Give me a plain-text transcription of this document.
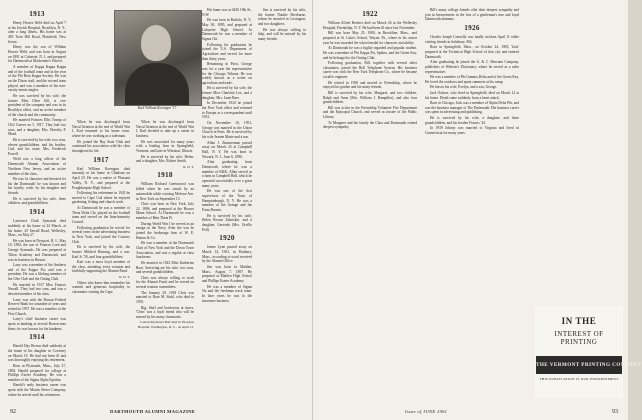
1913

Henry Howes Weld died on April 7 at his Jewish Hospital, Brooklyn, N. Y., after a long illness. His home was at 483 Twin Hill Road, Plainfield, New Jersey.

Henry was the son of William Howes Weld, and was born in August on 1891 at Cohasset, N. J. and prepared for Dartmouth at Mackenzie's School.

A member of Kappa Kappa Kappa and of the football team and in the year of the Phi Beta Kappa Society. He was on the Dixon staff, and the second team played, and was a member of the non-varsity tennis singles.

He was survived by his wife, the former Miss Olive Gill, is vice president of the company and was in its Brooklyn office, and an active member of the church and the community.

He married Frances Ellis Trump of Cliff Graves on 5, 1917. They had two sons, and a daughter, Mrs. Dorothy P. Mead.

He is survived by his wife, two sons, eleven grandchildren, and his brother, Carl, and his sister, Mrs. Frederick Powell.

Weld was a long officer of the Dartmouth Alumni Association of Northern New Jersey, and an active member of the class.

He was 'in character and devoted for his the Dartmouth' he was known and his loyalty, wide, by his daughter and friends.

He is survived by his wife, three children, and grandchildren.

1914

Lawrence Clark Symonds died suddenly at his home at 24 March, at his home, 45 Sewall Road, Wellesley, Mass., on May 27.

He was born in Newport, R. I., May 10, 1892, the son of Frances Lord and George Symonds. He was prepared at Tilton Academy and Dartmouth, and was in business in Boston.

Larry was a member of the Amherst and of the Kappa Psi, and was a president. He was a lifelong member of the Glee Club and the Outing Club.

He married in 1917 Miss Frances Newall. They had two sons, and was a devoted member of his class.

Larry was with the Boston Federal Reserve Bank for a number of years and retired in 1957. He was a member of the First Church.

Larry's chief business career was spent in banking at several Boston-area firms; he was known for his kindness.

1914

Harold Day Brown died suddenly at the home of his daughter in Coventry on March 19. He had not been ill and was thoroughly enjoying his retirement.

Born in Plymouth, Mass., July 27, 1892, Harold prepared for college at Phillips Exeter Academy. He was a member of the Sigma Alpha Epsilon.

Harold's early business career was spent with the Martin Stever Company, where he served until his retirement.

When he was discharged from Naval Aviation at the end of World War I, Karl returned to his home town, where he was working as a salesman.

He joined the Bay State Club and continued his association with his class throughout his life.

1917

Karl William Koenigen died instantly at his home in Chatham on April 23. He was a native of Pleasant Valley, N. Y., and prepared at the Poughkeepsie High School.

Following his retirement in 1945 he moved to Cape Cod where he enjoyed gardening, fishing and church work.

At Dartmouth he was a member of Theta Delta Chi, played on the football team and served on the Interfraternity Council.

Following graduation he served for several years in the advertising business in New York, and joined the Country Club.

He is survived by his wife, the former Mildred Hartung, and a son, Karl Jr. '50, and four grandchildren.

Karl was a most loyal member of the class, attending every reunion and faithfully supporting the Alumni Fund.

R. D. T.

Others who knew him remember his warmth and generous hospitality to classmates visiting the Cape.

When he was discharged from Naval Aviation at the end of World War I, Karl decided to take up a career in business.

He was associated for many years with a leading firm in Springfield, Vermont, and later in Wheaton, Illinois.

He is survived by his wife, Helen, and a daughter, Mrs. Robert Smith.

R. D. T.
1918

William Richard Greenwood was killed when he was struck by an automobile while crossing Melrose Ave. in New York on September 15.

Chris was born in New York, July 22, 1896, and prepared at the Horace Mann School. At Dartmouth he was a member of Beta Theta Pi.

During World War I he served as an ensign in the Navy. After the war he joined the brokerage firm of W. E. Hutton & Co.

He was a member of the Dartmouth Club of New York and the Down Town Association, and was a regular at class luncheons.

He married in 1922 Miss Katherine Root. Surviving are his wife, two sons, and several grandchildren.

Chris was always willing to work for the Alumni Fund, and he served on several reunion committees.

The January 29, 1918 Chris was married to Rose M. Stahl, who died in 1955.

Big, bluff and boisterous at times, 'Chris' was a loyal friend who will be missed by his many classmates.

Conrad Raymond Hall died in Thornton Hospital, Washington, D. C., on April 12.

His home was at 4436 19th St., N.W.

He was born in Buffalo, N. Y., May 30, 1895, and prepared at Lafayette High School. At Dartmouth he was a member of Sigma Chi.

Following his graduation he joined the U.S. Department of Agriculture and served for more than thirty years.

Remaining in Paris, George was for a year the representative for the Chicago Tribune. He was widely known as a writer on agriculture and trade.

He is survived by his wife, the former Miss Charlotte Lee, and a daughter, Mrs. Janet Baer.

In December 1924 he joined the New York office and returned to Europe as a correspondent until 1931.

On November 10, 1951, George was married in the Union Church in Paris. He is survived by his wife Jeanne Marie and a son.

Allan J. Zimmerman passed away on March 23 at Campbell Hall, N. Y. He was born in Newark, N. J., June 6, 1896.

After graduating from Dartmouth, where he was a member of KKK, Allan served as a farm in Campbell Hall, which he operated successfully over a great many years.

He was one of the first supervisors of the Town of Hamptonburgh, N. Y. He was a member of the Grange and the Farm Bureau.

He is survived by his wife, Helen Brown Zabriskie, and a daughter, Gertrude (Mrs. Orville Pell).

1920

James Lynn passed away on March 14, 1961, in Danbury, Mass., according to word received by the Alumni Office.

Jim was born in Malden, Mass., August 7, 1897. He prepared at Malden High School and Phillips Exeter Academy.

He was a member of Sigma Nu and the freshman track team. In later years he was in the insurance business.

Jim is survived by his wife, the former Natalie Sherburne, whom he married in Lexington, and two daughters.

He was always willing to help, and will be missed by his many friends.

Karl William Koenigen '17
92	DARTMOUTH ALUMNI MAGAZINE
1922

William Alfred Herbert died on March 26 at the Wellesley Hospital, Friendship, N. Y. He had been ill since last November.

Bill was born May 25, 1900, in Brookline, Mass., and prepared at St. Luke's School, Wayne, Pa., where in his senior year he was awarded the school medal for character and ability.

At Dartmouth he was a highly regarded and popular student. He was a member of Phi Kappa Psi, Sphinx, and the Green Key, and he belonged to the Outing Club.

Following graduation, Bill, together with several other classmates, joined the Bell Telephone System. His business career was with the New York Telephone Co., where he became a traffic engineer.

He retired in 1958 and moved to Friendship, where he enjoyed his garden and his many friends.

Bill is survived by his wife, Margaret, and two children, Ralph and Anne (Mrs. William J. Rampiller), and also four grandchildren.

Bill was active in the Friendship Volunteer Fire Department and the Episcopal Church, and served as trustee of the Public Library.

To Margaret and the family the Class and Dartmouth extend deepest sympathy.

Bill's many college friends offer their deepest sympathy and join in bereavement in the loss of a gentleman's true and loyal Dartmouth alumnus.

1926

Charles Joseph Connolly was fatally stricken April 11 while visiting friends in Salisbury, Md.

Born in Springfield, Mass., on October 24, 1903, 'Jack' prepared at the Technical High School of that city and entered Dartmouth.

After graduating he joined the G. & C. Merriam Company, publishers of Webster's Dictionary, where he served as a sales representative.

He was a member of Phi Gamma Delta and of the Green Key. He loved the outdoors and spent summers at his camp.

He leaves his wife, Evelyn, and a son, George.

Jack Osborn, who lived in Springfield, died on March 12 at his home. Death came suddenly from a heart attack.

Born in Chicago, Jack was a member of Alpha Delta Phi, and was the business manager of The Dartmouth. His business career was spent in advertising and publishing.

He is survived by his wife, a daughter, and three grandchildren, and his brother Francis '24.

In 1939 Johnny was married to Virginia and lived in Connecticut for many years.

IN THE
INTEREST OF PRINTING
THE VERMONT PRINTING COMPANY
THIS PUBLICATION IS OUR ENDORSEMENT
Issue of JUNE 1961	93
